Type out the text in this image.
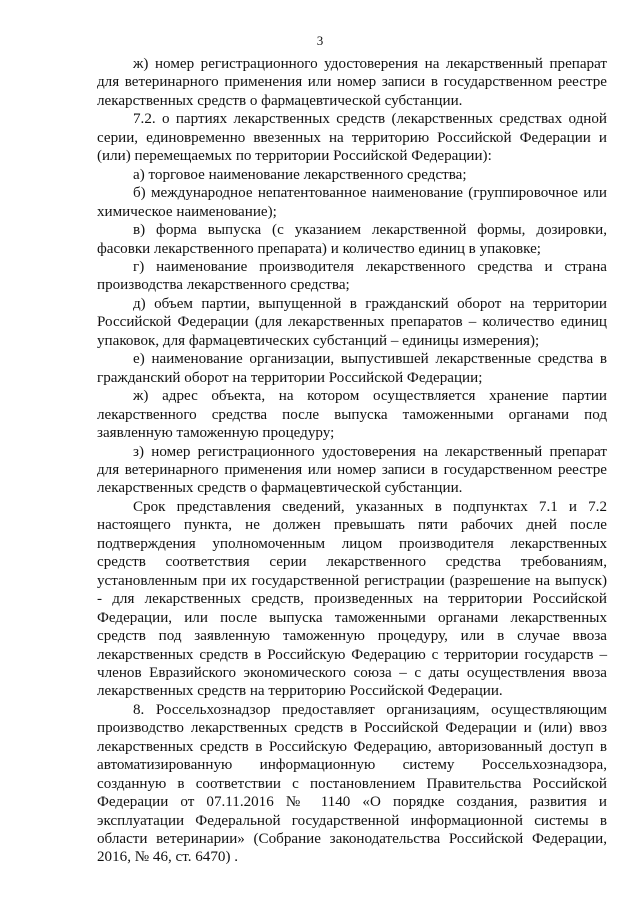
3
ж) номер регистрационного удостоверения на лекарственный препарат
для ветеринарного применения или номер записи в государственном реестре
лекарственных средств о фармацевтической субстанции.
7.2. о партиях лекарственных средств (лекарственных средствах одной
серии, единовременно ввезенных на территорию Российской Федерации и
(или) перемещаемых по территории Российской Федерации):
а) торговое наименование лекарственного средства;
б) международное непатентованное наименование (группировочное или
химическое наименование);
в) форма выпуска (с указанием лекарственной формы, дозировки,
фасовки лекарственного препарата) и количество единиц в упаковке;
г) наименование производителя лекарственного средства и страна
производства лекарственного средства;
д) объем партии, выпущенной в гражданский оборот на территории
Российской Федерации (для лекарственных препаратов – количество единиц
упаковок, для фармацевтических субстанций – единицы измерения);
е) наименование организации, выпустившей лекарственные средства в
гражданский оборот на территории Российской Федерации;
ж) адрес объекта, на котором осуществляется хранение партии
лекарственного средства после выпуска таможенными органами под
заявленную таможенную процедуру;
з) номер регистрационного удостоверения на лекарственный препарат
для ветеринарного применения или номер записи в государственном реестре
лекарственных средств о фармацевтической субстанции.
Срок представления сведений, указанных в подпунктах 7.1 и 7.2
настоящего пункта, не должен превышать пяти рабочих дней после
подтверждения уполномоченным лицом производителя лекарственных
средств соответствия серии лекарственного средства требованиям,
установленным при их государственной регистрации (разрешение на выпуск)
- для лекарственных средств, произведенных на территории Российской
Федерации, или после выпуска таможенными органами лекарственных
средств под заявленную таможенную процедуру, или в случае ввоза
лекарственных средств в Российскую Федерацию с территории государств –
членов Евразийского экономического союза – с даты осуществления ввоза
лекарственных средств на территорию Российской Федерации.
8. Россельхознадзор предоставляет организациям, осуществляющим
производство лекарственных средств в Российской Федерации и (или) ввоз
лекарственных средств в Российскую Федерацию, авторизованный доступ в
автоматизированную информационную систему Россельхознадзора,
созданную в соответствии с постановлением Правительства Российской
Федерации от 07.11.2016 № 1140 «О порядке создания, развития и
эксплуатации Федеральной государственной информационной системы в
области ветеринарии» (Собрание законодательства Российской Федерации,
2016, № 46, ст. 6470) .
